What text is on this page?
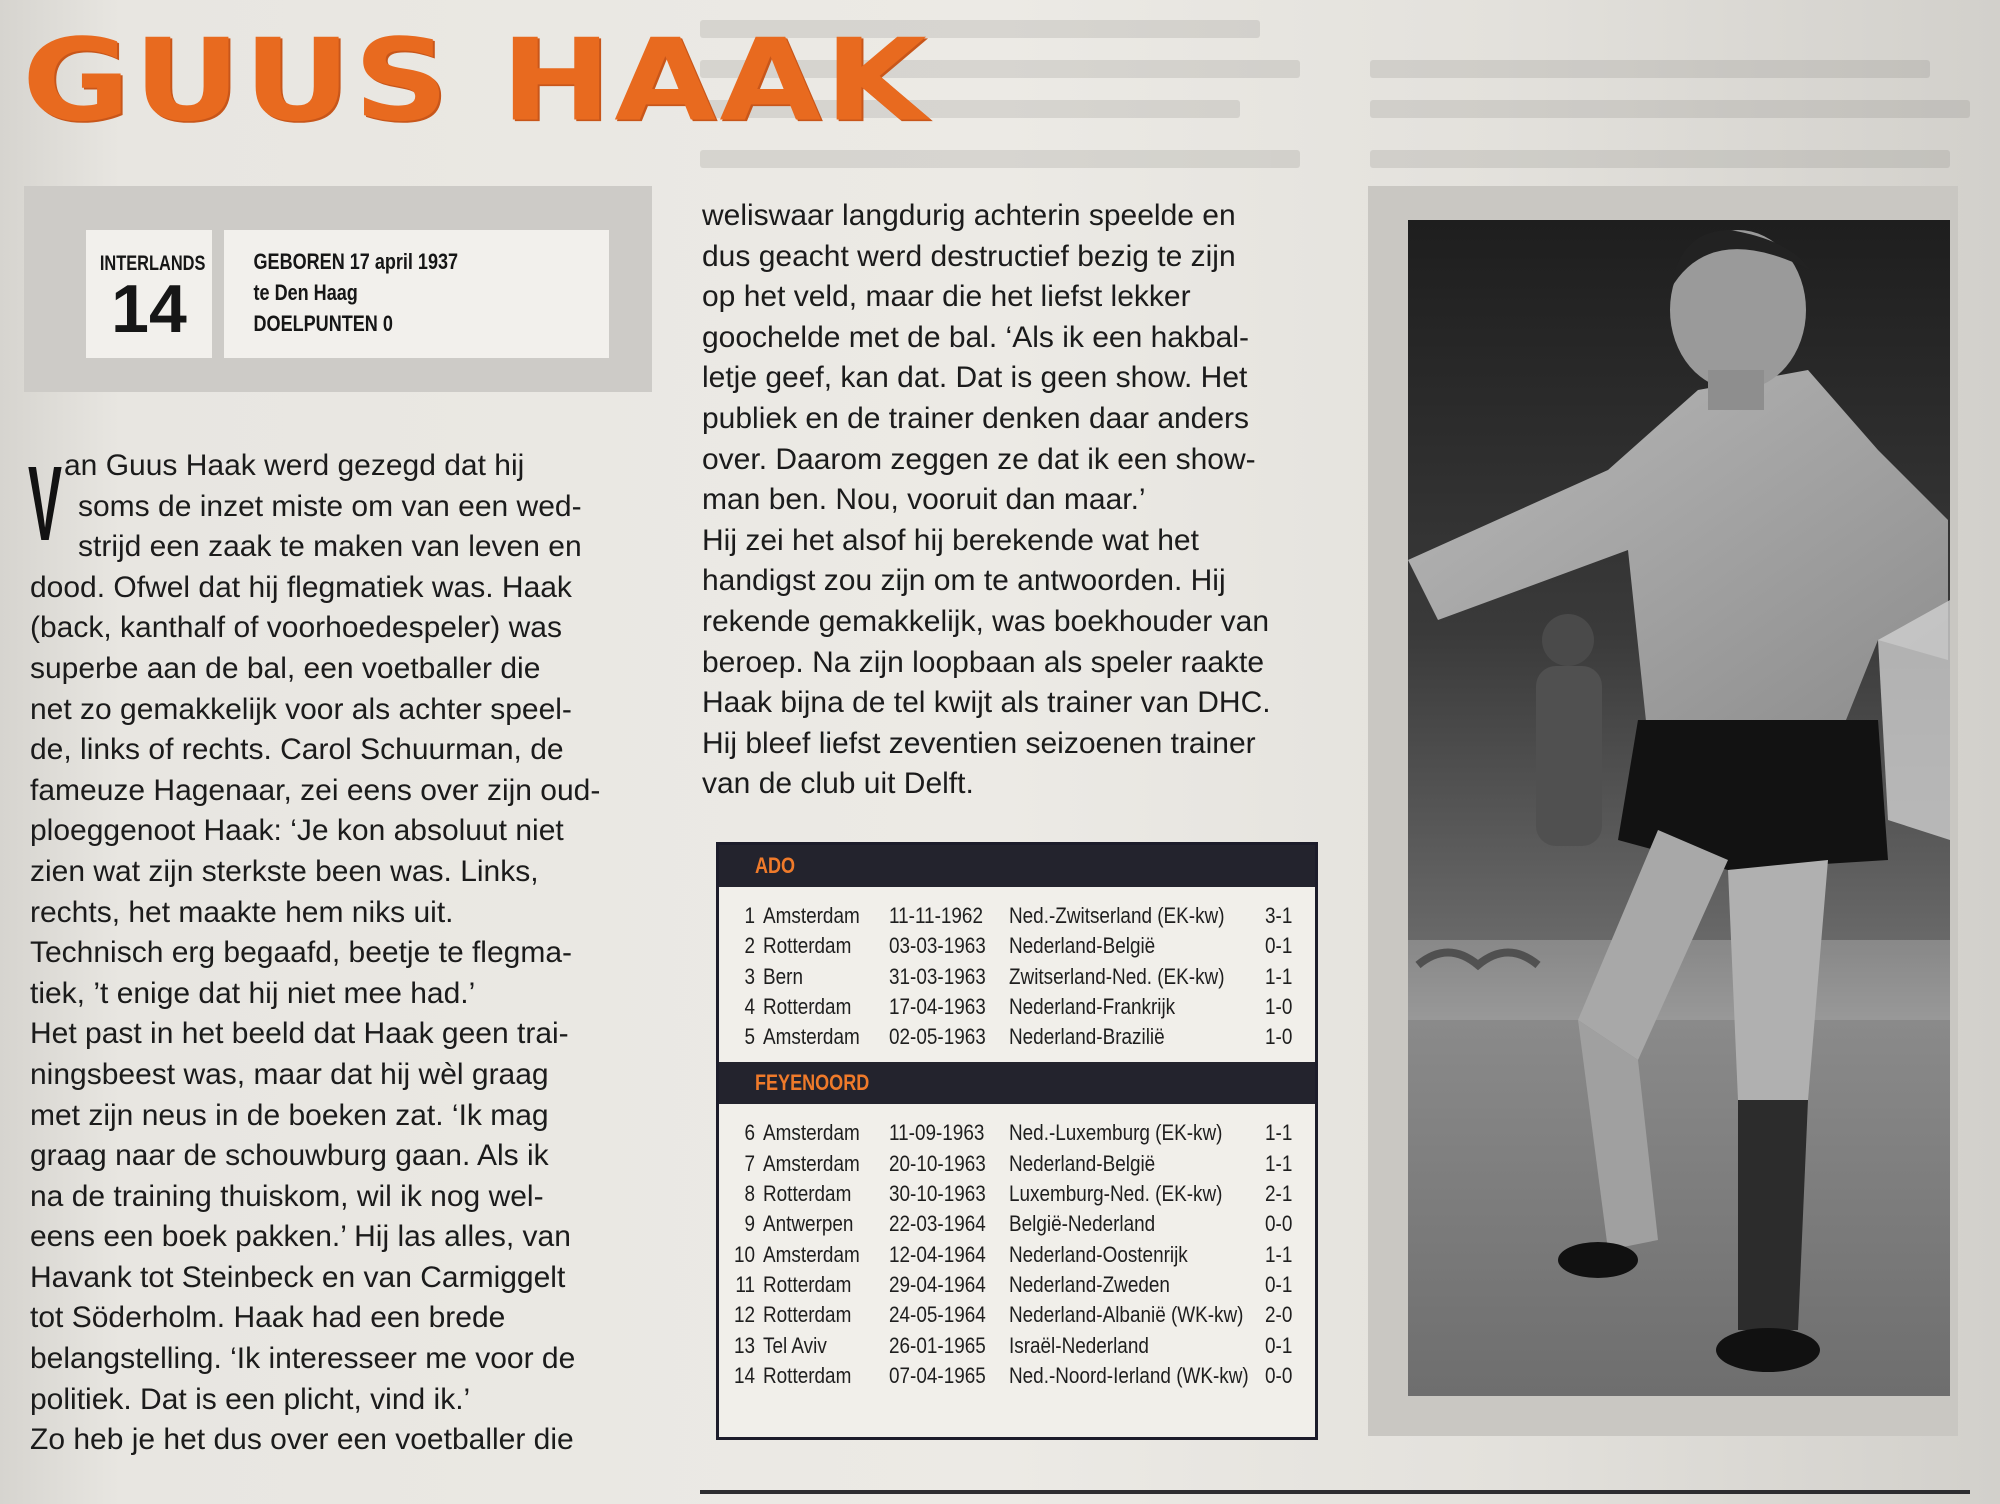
GUUS HAAK
INTERLANDS
14
GEBOREN 17 april 1937
te Den Haag
DOELPUNTEN 0
V an Guus Haak werd gezegd dat hij
soms de inzet miste om van een wed-
strijd een zaak te maken van leven en
dood. Ofwel dat hij flegmatiek was. Haak
(back, kanthalf of voorhoedespeler) was
superbe aan de bal, een voetballer die
net zo gemakkelijk voor als achter speel-
de, links of rechts. Carol Schuurman, de
fameuze Hagenaar, zei eens over zijn oud-
ploeggenoot Haak: ‘Je kon absoluut niet
zien wat zijn sterkste been was. Links,
rechts, het maakte hem niks uit.
Technisch erg begaafd, beetje te flegma-
tiek, ’t enige dat hij niet mee had.’
Het past in het beeld dat Haak geen trai-
ningsbeest was, maar dat hij wèl graag
met zijn neus in de boeken zat. ‘Ik mag
graag naar de schouwburg gaan. Als ik
na de training thuiskom, wil ik nog wel-
eens een boek pakken.’ Hij las alles, van
Havank tot Steinbeck en van Carmiggelt
tot Söderholm. Haak had een brede
belangstelling. ‘Ik interesseer me voor de
politiek. Dat is een plicht, vind ik.’
Zo heb je het dus over een voetballer die
weliswaar langdurig achterin speelde en
dus geacht werd destructief bezig te zijn
op het veld, maar die het liefst lekker
goochelde met de bal. ‘Als ik een hakbal-
letje geef, kan dat. Dat is geen show. Het
publiek en de trainer denken daar anders
over. Daarom zeggen ze dat ik een show-
man ben. Nou, vooruit dan maar.’
Hij zei het alsof hij berekende wat het
handigst zou zijn om te antwoorden. Hij
rekende gemakkelijk, was boekhouder van
beroep. Na zijn loopbaan als speler raakte
Haak bijna de tel kwijt als trainer van DHC.
Hij bleef liefst zeventien seizoenen trainer
van de club uit Delft.
ADO
1 Amsterdam 11-11-1962 Ned.-Zwitserland (EK-kw) 3-1
2 Rotterdam 03-03-1963 Nederland-België	0-1
3 Bern	31-03-1963 Zwitserland-Ned. (EK-kw) 1-1
4 Rotterdam 17-04-1963 Nederland-Frankrijk	1-0
5 Amsterdam 02-05-1963 Nederland-Brazilië	1-0
FEYENOORD
6 Amsterdam 11-09-1963 Ned.-Luxemburg (EK-kw) 1-1
7 Amsterdam 20-10-1963 Nederland-België	1-1
8 Rotterdam 30-10-1963 Luxemburg-Ned. (EK-kw) 2-1
9 Antwerpen 22-03-1964 België-Nederland	0-0
10 Amsterdam 12-04-1964 Nederland-Oostenrijk	1-1
11 Rotterdam 29-04-1964 Nederland-Zweden	0-1
12 Rotterdam 24-05-1964 Nederland-Albanië (WK-kw) 2-0
13 Tel Aviv	26-01-1965 Israël-Nederland	0-1
14 Rotterdam 07-04-1965 Ned.-Noord-Ierland (WK-kw) 0-0
